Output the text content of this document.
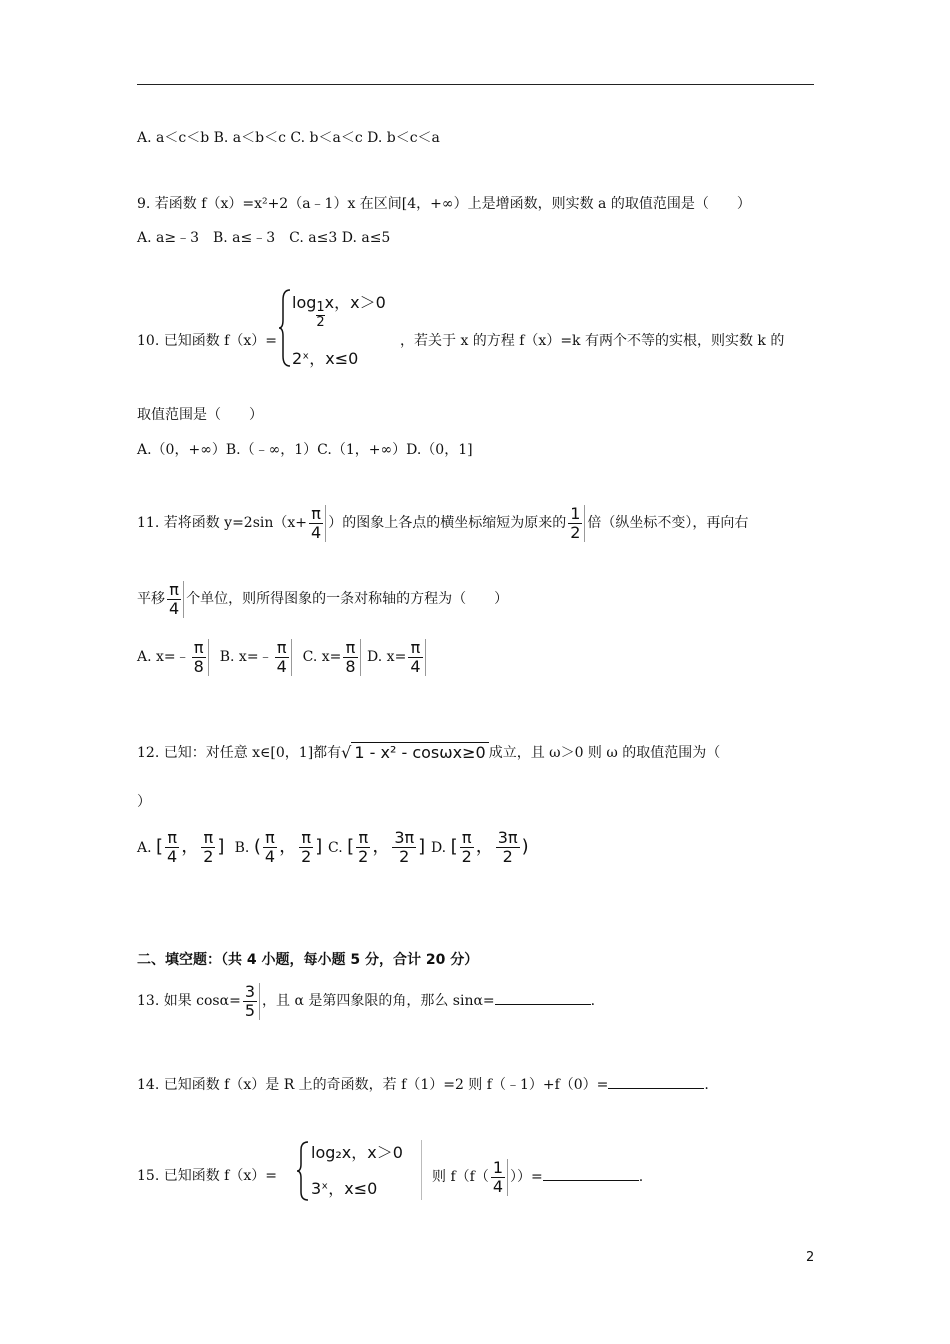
A. a＜c＜b B. a＜b＜c C. b＜a＜c D. b＜c＜a
9. 若函数 f（x）=x²+2（a﹣1）x 在区间[4，+∞）上是增函数，则实数 a 的取值范围是（　　）
A. a≥﹣3　B. a≤﹣3　C. a≤3 D. a≤5
10. 已知函数 f（x）=
$\log \frac{1}{2}$ x，x＞0
2ˣ，x≤0
，若关于 x 的方程 f（x）=k 有两个不等的实根，则实数 k 的
取值范围是（　　）
A.（0，+∞）B.（﹣∞，1）C.（1，+∞）D.（0，1]
11. 若将函数 $y=2\sin(x+ \frac{\pi}{4}$ ）的图象上各点的横坐标缩短为原来的 $\frac{1}{2}$ 倍（纵坐标不变），再向右
平移 $\frac{\pi}{4}$ 个单位，则所得图象的一条对称轴的方程为（　　）
A. x=﹣ $\frac{\pi}{8} B$. x=﹣ $\frac{\pi}{4} C$. $x= \frac{\pi}{8} D$. $x= \frac{\pi}{4}$
12. 已知：对任意 x∈[0，1]都有√ 1 - x² - cosωx≥0 成立，且 ω＞0 则 ω 的取值范围为（
）
A. [ $\frac{\pi}{4}$ ， $\frac{\pi}{2}$ ] B. ( $\frac{\pi}{4}$ ， $\frac{\pi}{2}$ ] C. [ $\frac{\pi}{2}$ ， $\frac{3\pi}{2}$ ] D. [ $\frac{\pi}{2}$ ， $\frac{3\pi}{2}$ )
二、填空题：（共 4 小题，每小题 5 分，合计 20 分）
13. 如果 $\cos\alpha= \frac{3}{5}$ ，且 α 是第四象限的角，那么 sinα=	.
14. 已知函数 f（x）是 R 上的奇函数，若 f（1）=2 则 f（﹣1）+f（0）=	.
15. 已知函数 f（x）=
log₂x，x＞0
3ˣ，x≤0
则 $f(f( \frac{1}{4}$ ））=	.
2
